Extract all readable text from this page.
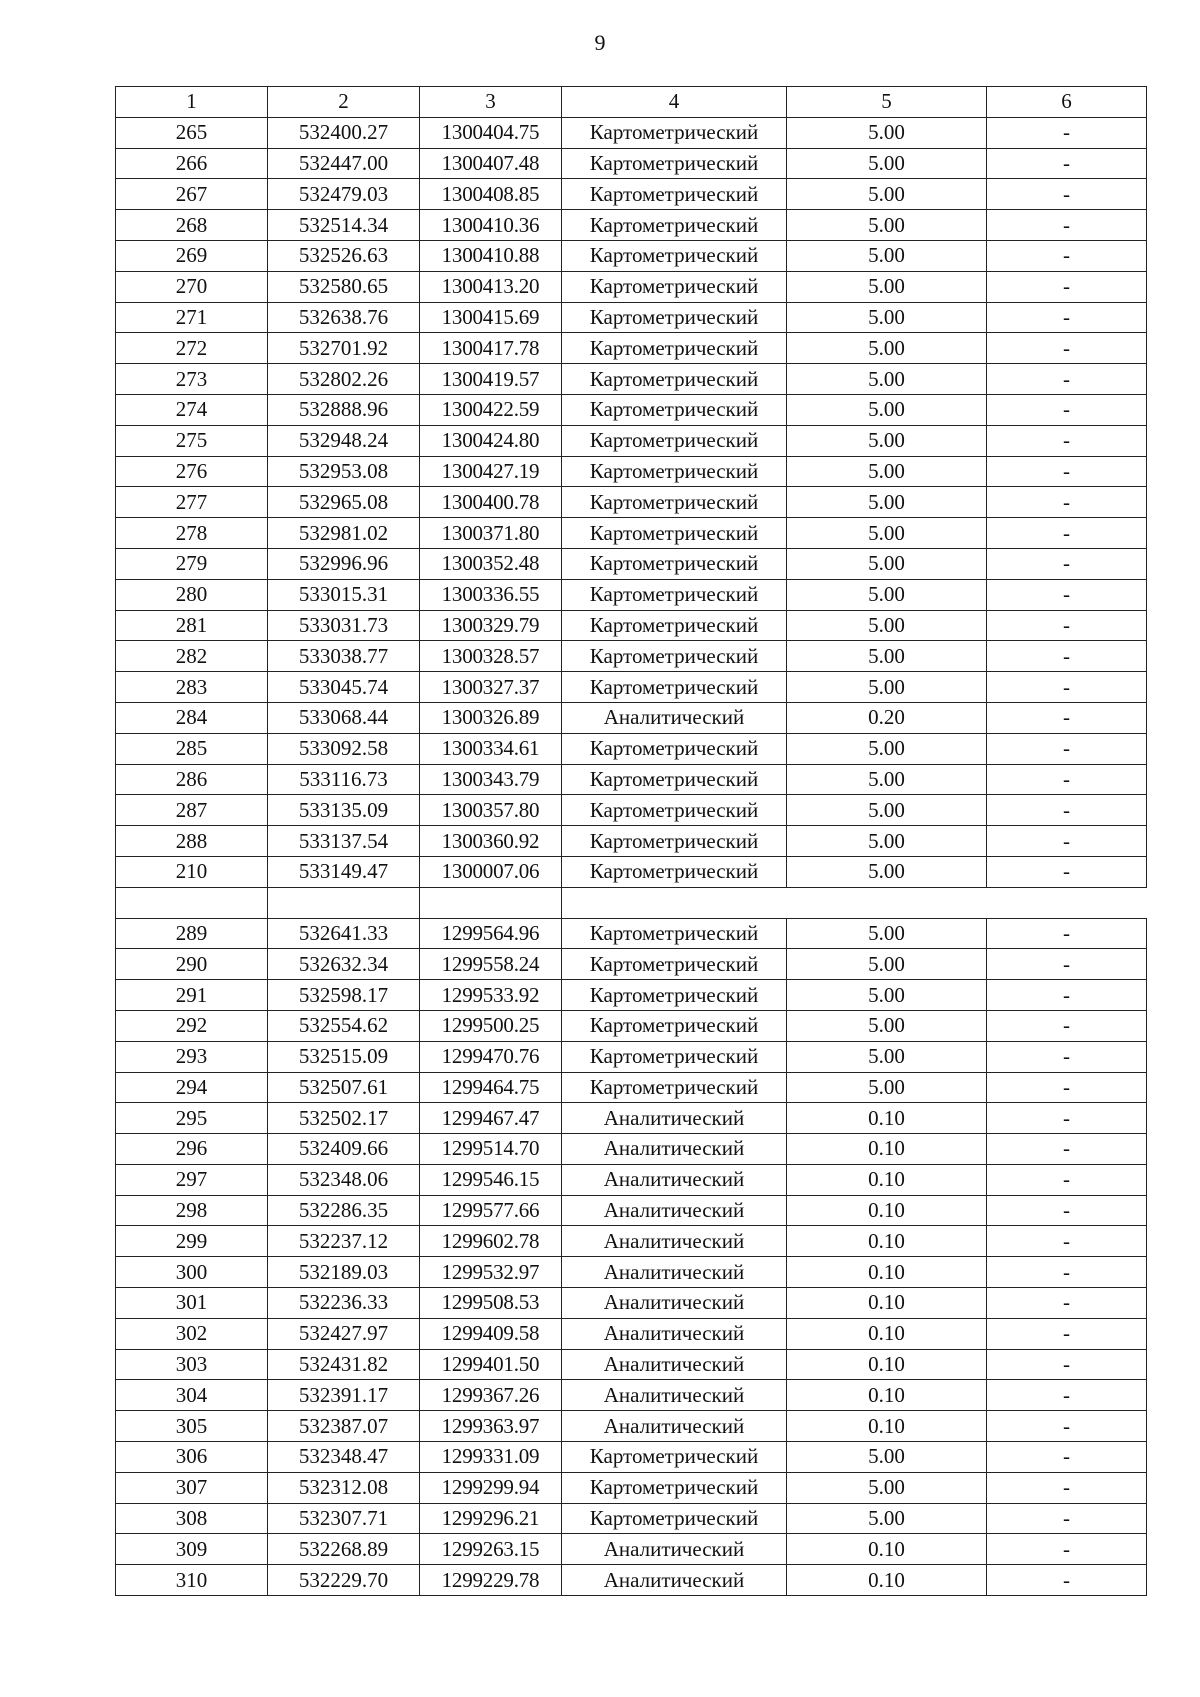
9
1	2	3	4	5	6
265	532400.27	1300404.75	Картометрический	5.00	-
266	532447.00	1300407.48	Картометрический	5.00	-
267	532479.03	1300408.85	Картометрический	5.00	-
268	532514.34	1300410.36	Картометрический	5.00	-
269	532526.63	1300410.88	Картометрический	5.00	-
270	532580.65	1300413.20	Картометрический	5.00	-
271	532638.76	1300415.69	Картометрический	5.00	-
272	532701.92	1300417.78	Картометрический	5.00	-
273	532802.26	1300419.57	Картометрический	5.00	-
274	532888.96	1300422.59	Картометрический	5.00	-
275	532948.24	1300424.80	Картометрический	5.00	-
276	532953.08	1300427.19	Картометрический	5.00	-
277	532965.08	1300400.78	Картометрический	5.00	-
278	532981.02	1300371.80	Картометрический	5.00	-
279	532996.96	1300352.48	Картометрический	5.00	-
280	533015.31	1300336.55	Картометрический	5.00	-
281	533031.73	1300329.79	Картометрический	5.00	-
282	533038.77	1300328.57	Картометрический	5.00	-
283	533045.74	1300327.37	Картометрический	5.00	-
284	533068.44	1300326.89	Аналитический	0.20	-
285	533092.58	1300334.61	Картометрический	5.00	-
286	533116.73	1300343.79	Картометрический	5.00	-
287	533135.09	1300357.80	Картометрический	5.00	-
288	533137.54	1300360.92	Картометрический	5.00	-
210	533149.47	1300007.06	Картометрический	5.00	-

289	532641.33	1299564.96	Картометрический	5.00	-
290	532632.34	1299558.24	Картометрический	5.00	-
291	532598.17	1299533.92	Картометрический	5.00	-
292	532554.62	1299500.25	Картометрический	5.00	-
293	532515.09	1299470.76	Картометрический	5.00	-
294	532507.61	1299464.75	Картометрический	5.00	-
295	532502.17	1299467.47	Аналитический	0.10	-
296	532409.66	1299514.70	Аналитический	0.10	-
297	532348.06	1299546.15	Аналитический	0.10	-
298	532286.35	1299577.66	Аналитический	0.10	-
299	532237.12	1299602.78	Аналитический	0.10	-
300	532189.03	1299532.97	Аналитический	0.10	-
301	532236.33	1299508.53	Аналитический	0.10	-
302	532427.97	1299409.58	Аналитический	0.10	-
303	532431.82	1299401.50	Аналитический	0.10	-
304	532391.17	1299367.26	Аналитический	0.10	-
305	532387.07	1299363.97	Аналитический	0.10	-
306	532348.47	1299331.09	Картометрический	5.00	-
307	532312.08	1299299.94	Картометрический	5.00	-
308	532307.71	1299296.21	Картометрический	5.00	-
309	532268.89	1299263.15	Аналитический	0.10	-
310	532229.70	1299229.78	Аналитический	0.10	-
